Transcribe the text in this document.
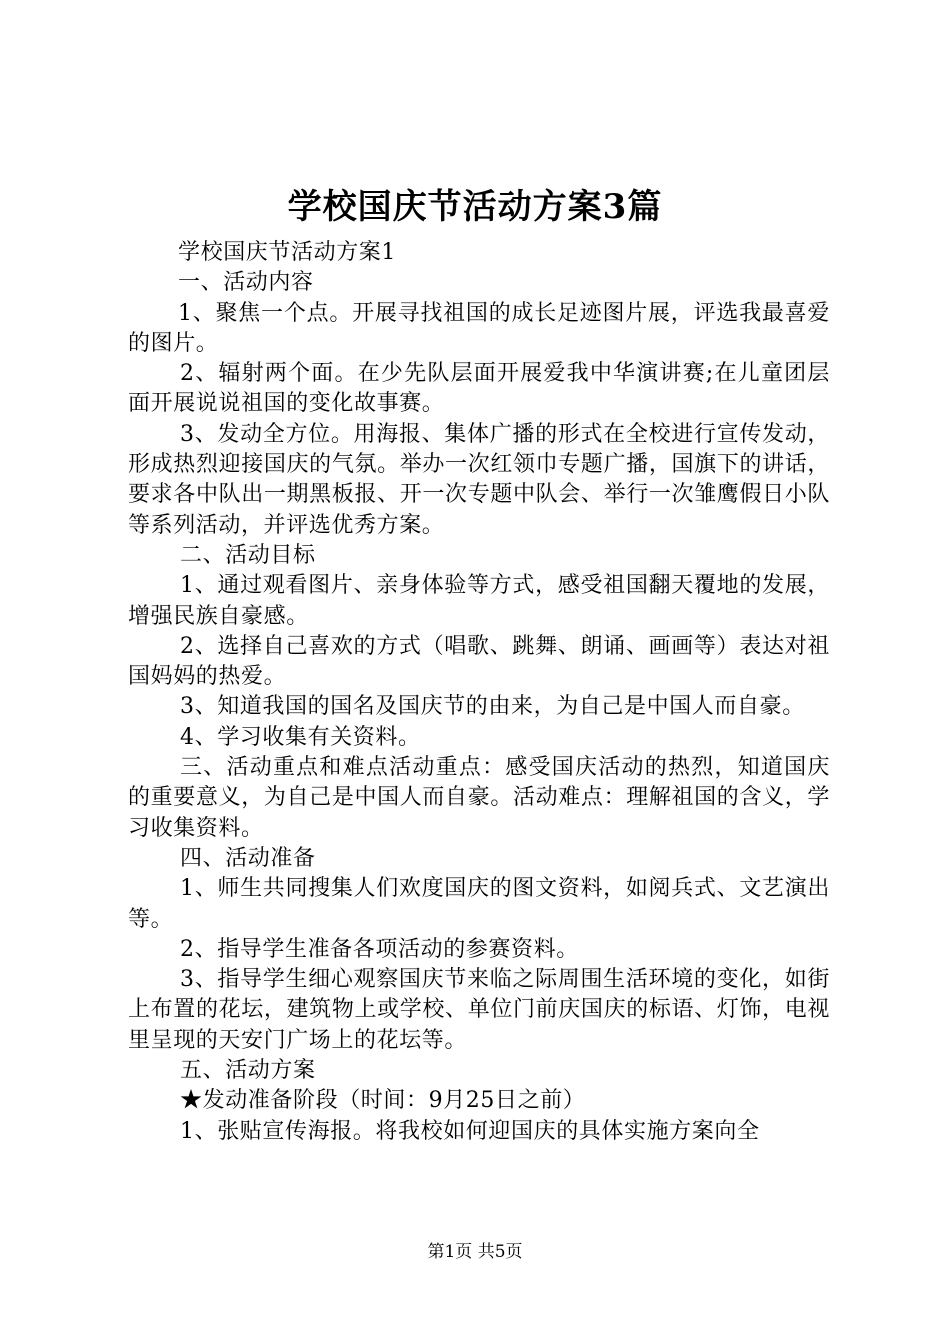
学校国庆节活动方案3篇

学校国庆节活动方案1

一、活动内容

1、聚焦一个点。开展寻找祖国的成长足迹图片展，评选我最喜爱的图片。

2、辐射两个面。在少先队层面开展爱我中华演讲赛;在儿童团层面开展说说祖国的变化故事赛。

3、发动全方位。用海报、集体广播的形式在全校进行宣传发动，形成热烈迎接国庆的气氛。举办一次红领巾专题广播，国旗下的讲话，要求各中队出一期黑板报、开一次专题中队会、举行一次雏鹰假日小队等系列活动，并评选优秀方案。

二、活动目标

1、通过观看图片、亲身体验等方式，感受祖国翻天覆地的发展，增强民族自豪感。

2、选择自己喜欢的方式（唱歌、跳舞、朗诵、画画等）表达对祖国妈妈的热爱。

3、知道我国的国名及国庆节的由来，为自己是中国人而自豪。

4、学习收集有关资料。

三、活动重点和难点活动重点：感受国庆活动的热烈，知道国庆的重要意义，为自己是中国人而自豪。活动难点：理解祖国的含义，学习收集资料。

四、活动准备

1、师生共同搜集人们欢度国庆的图文资料，如阅兵式、文艺演出等。

2、指导学生准备各项活动的参赛资料。

3、指导学生细心观察国庆节来临之际周围生活环境的变化，如街上布置的花坛，建筑物上或学校、单位门前庆国庆的标语、灯饰，电视里呈现的天安门广场上的花坛等。

五、活动方案

★发动准备阶段（时间：9月25日之前）

1、张贴宣传海报。将我校如何迎国庆的具体实施方案向全

第1页 共5页
